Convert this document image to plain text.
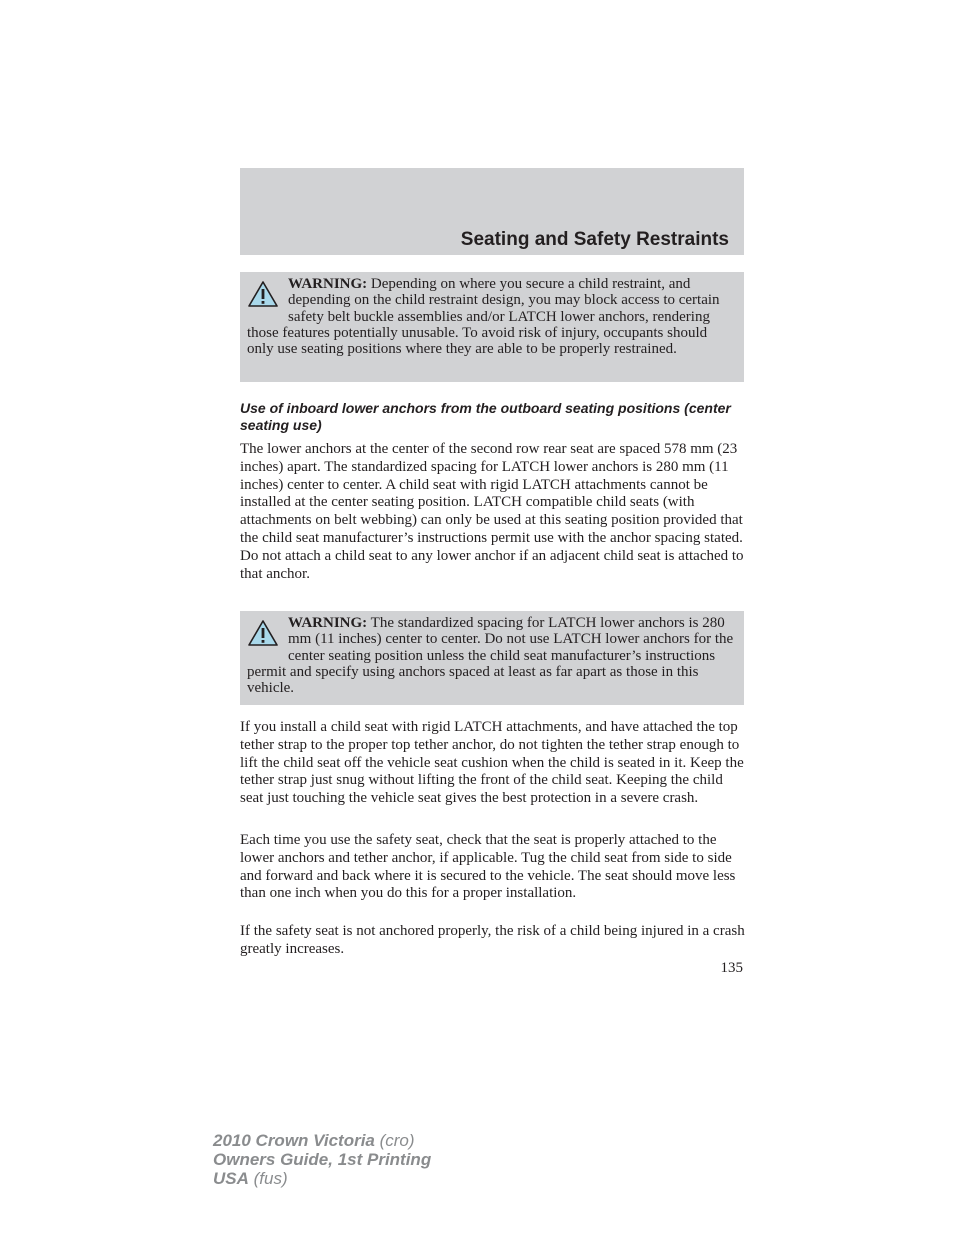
Seating and Safety Restraints
WARNING: Depending on where you secure a child restraint, and depending on the child restraint design, you may block access to certain safety belt buckle assemblies and/or LATCH lower anchors, rendering those features potentially unusable. To avoid risk of injury, occupants should only use seating positions where they are able to be properly restrained.
Use of inboard lower anchors from the outboard seating positions (center seating use)

The lower anchors at the center of the second row rear seat are spaced 578 mm (23 inches) apart. The standardized spacing for LATCH lower anchors is 280 mm (11 inches) center to center. A child seat with rigid LATCH attachments cannot be installed at the center seating position. LATCH compatible child seats (with attachments on belt webbing) can only be used at this seating position provided that the child seat manufacturer’s instructions permit use with the anchor spacing stated. Do not attach a child seat to any lower anchor if an adjacent child seat is attached to that anchor.

WARNING: The standardized spacing for LATCH lower anchors is 280 mm (11 inches) center to center. Do not use LATCH lower anchors for the center seating position unless the child seat manufacturer’s instructions permit and specify using anchors spaced at least as far apart as those in this vehicle.

If you install a child seat with rigid LATCH attachments, and have attached the top tether strap to the proper top tether anchor, do not tighten the tether strap enough to lift the child seat off the vehicle seat cushion when the child is seated in it. Keep the tether strap just snug without lifting the front of the child seat. Keeping the child seat just touching the vehicle seat gives the best protection in a severe crash.

Each time you use the safety seat, check that the seat is properly attached to the lower anchors and tether anchor, if applicable. Tug the child seat from side to side and forward and back where it is secured to the vehicle. The seat should move less than one inch when you do this for a proper installation.

If the safety seat is not anchored properly, the risk of a child being injured in a crash greatly increases.

135
2010 Crown Victoria (cro)
Owners Guide, 1st Printing
USA (fus)
